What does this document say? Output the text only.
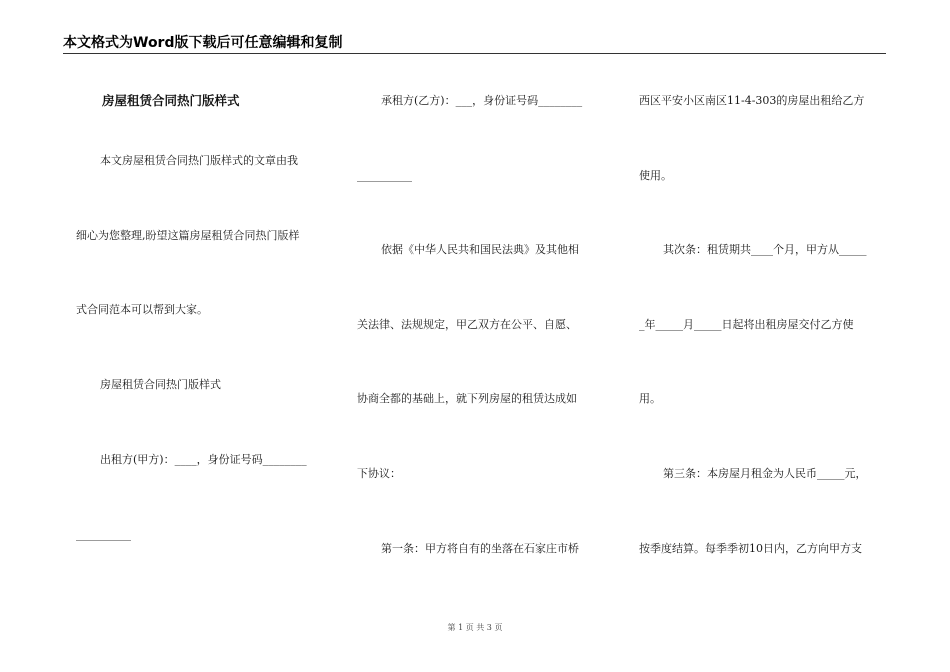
本文格式为Word版下载后可任意编辑和复制
房屋租赁合同热门版样式
本文房屋租赁合同热门版样式的文章由我
细心为您整理,盼望这篇房屋租赁合同热门版样
式合同范本可以帮到大家。
房屋租赁合同热门版样式
出租方(甲方)：____，身份证号码________
__________
承租方(乙方)：___，身份证号码________
__________
依据《中华人民共和国民法典》及其他相
关法律、法规规定，甲乙双方在公平、自愿、
协商全都的基础上，就下列房屋的租赁达成如
下协议：
第一条：甲方将自有的坐落在石家庄市桥
西区平安小区南区11-4-303的房屋出租给乙方
使用。
其次条：租赁期共____个月，甲方从_____
_年_____月_____日起将出租房屋交付乙方使
用。
第三条：本房屋月租金为人民币_____元，
按季度结算。每季季初10日内，乙方向甲方支
第 1 页 共 3 页
